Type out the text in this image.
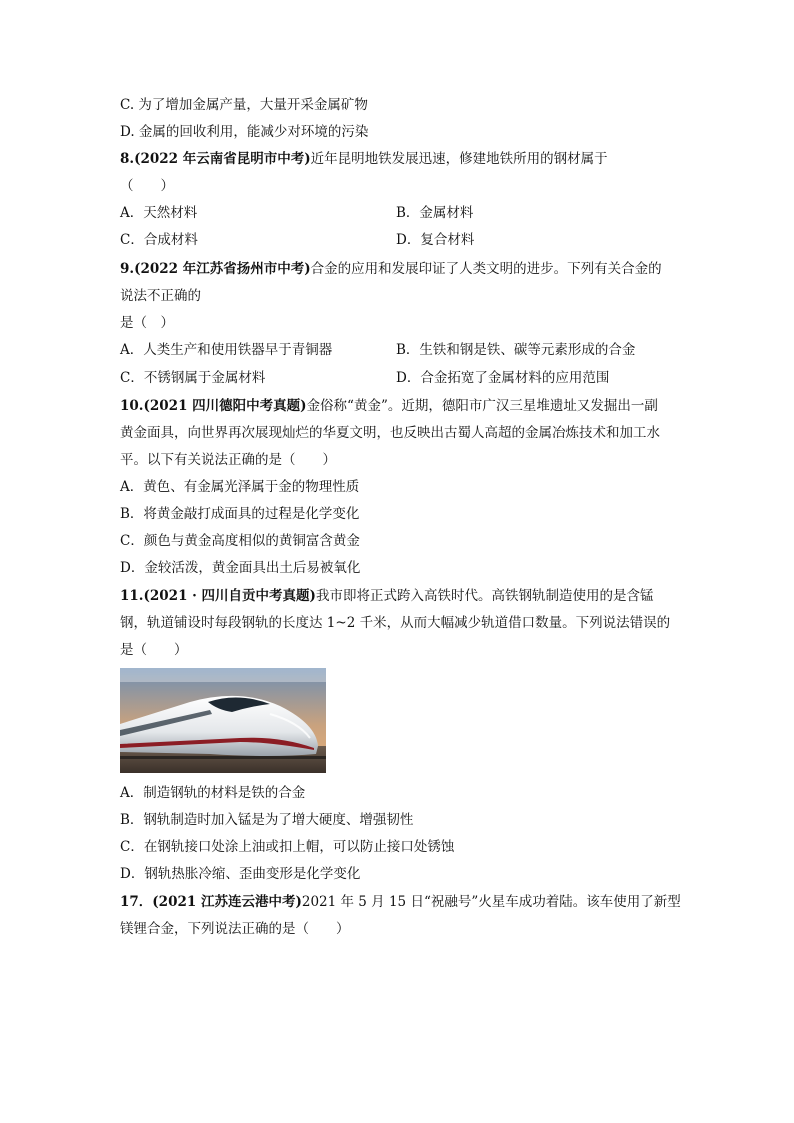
C. 为了增加金属产量，大量开采金属矿物
D. 金属的回收利用，能减少对环境的污染
8.(2022 年云南省昆明市中考)近年昆明地铁发展迅速，修建地铁所用的钢材属于
（　　）
A．天然材料	B．金属材料
C．合成材料	D．复合材料
9.(2022 年江苏省扬州市中考)合金的应用和发展印证了人类文明的进步。下列有关合金的
说法不正确的
是（　）
A．人类生产和使用铁器早于青铜器	B．生铁和钢是铁、碳等元素形成的合金
C．不锈钢属于金属材料	D．合金拓宽了金属材料的应用范围
10.(2021 四川德阳中考真题)金俗称“黄金”。近期，德阳市广汉三星堆遗址又发掘出一副
黄金面具，向世界再次展现灿烂的华夏文明，也反映出古蜀人高超的金属冶炼技术和加工水
平。以下有关说法正确的是（　　）
A．黄色、有金属光泽属于金的物理性质
B．将黄金敲打成面具的过程是化学变化
C．颜色与黄金高度相似的黄铜富含黄金
D．金较活泼，黄金面具出土后易被氧化
11.(2021 · 四川自贡中考真题)我市即将正式跨入高铁时代。高铁钢轨制造使用的是含锰
钢，轨道铺设时每段钢轨的长度达 1~2 千米，从而大幅减少轨道借口数量。下列说法错误的
是（　　）
A．制造钢轨的材料是铁的合金
B．钢轨制造时加入锰是为了增大硬度、增强韧性
C．在钢轨接口处涂上油或扣上帽，可以防止接口处锈蚀
D．钢轨热胀冷缩、歪曲变形是化学变化
17．(2021 江苏连云港中考)2021 年 5 月 15 日“祝融号”火星车成功着陆。该车使用了新型
镁锂合金，下列说法正确的是（　　）
